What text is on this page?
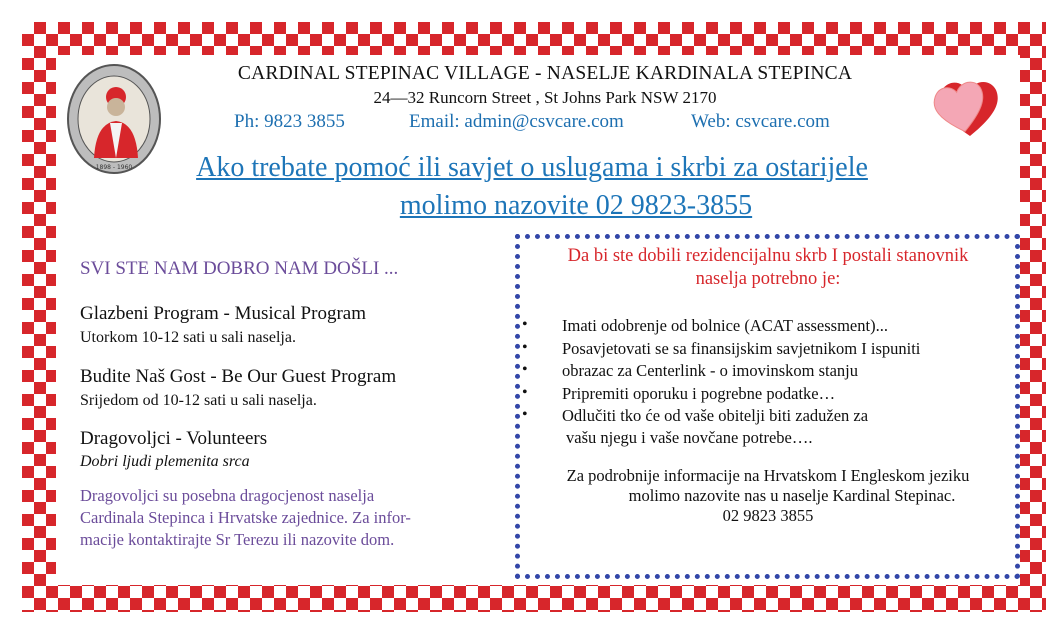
1898 - 1960
CARDINAL STEPINAC VILLAGE - NASELJE KARDINALA STEPINCA
24—32 Runcorn Street , St Johns Park NSW 2170
Ph: 9823 3855	Email: admin@csvcare.com	Web: csvcare.com
Ako trebate pomoć ili savjet o uslugama i skrbi za ostarijele
molimo nazovite 02 9823-3855
SVI STE NAM DOBRO NAM DOŠLI ...
Glazbeni Program - Musical Program
Utorkom 10-12 sati u sali naselja.
Budite Naš Gost - Be Our Guest Program
Srijedom od 10-12 sati u sali naselja.
Dragovoljci - Volunteers
Dobri ljudi plemenita srca
Dragovoljci su posebna dragocjenost naselja
Cardinala Stepinca i Hrvatske zajednice. Za infor-
macije kontaktirajte Sr Terezu ili nazovite dom.
Da bi ste dobili rezidencijalnu skrb I postali stanovnik
naselja potrebno je:
• Imati odobrenje od bolnice (ACAT assessment)...
• Posavjetovati se sa finansijskim savjetnikom I ispuniti
• obrazac za Centerlink - o imovinskom stanju
• Pripremiti oporuku i pogrebne podatke…
• Odlučiti tko će od vaše obitelji biti zadužen za
vašu njegu i vaše novčane potrebe….
Za podrobnije informacije na Hrvatskom I Engleskom jeziku
molimo nazovite nas u naselje Kardinal Stepinac.
02 9823 3855
